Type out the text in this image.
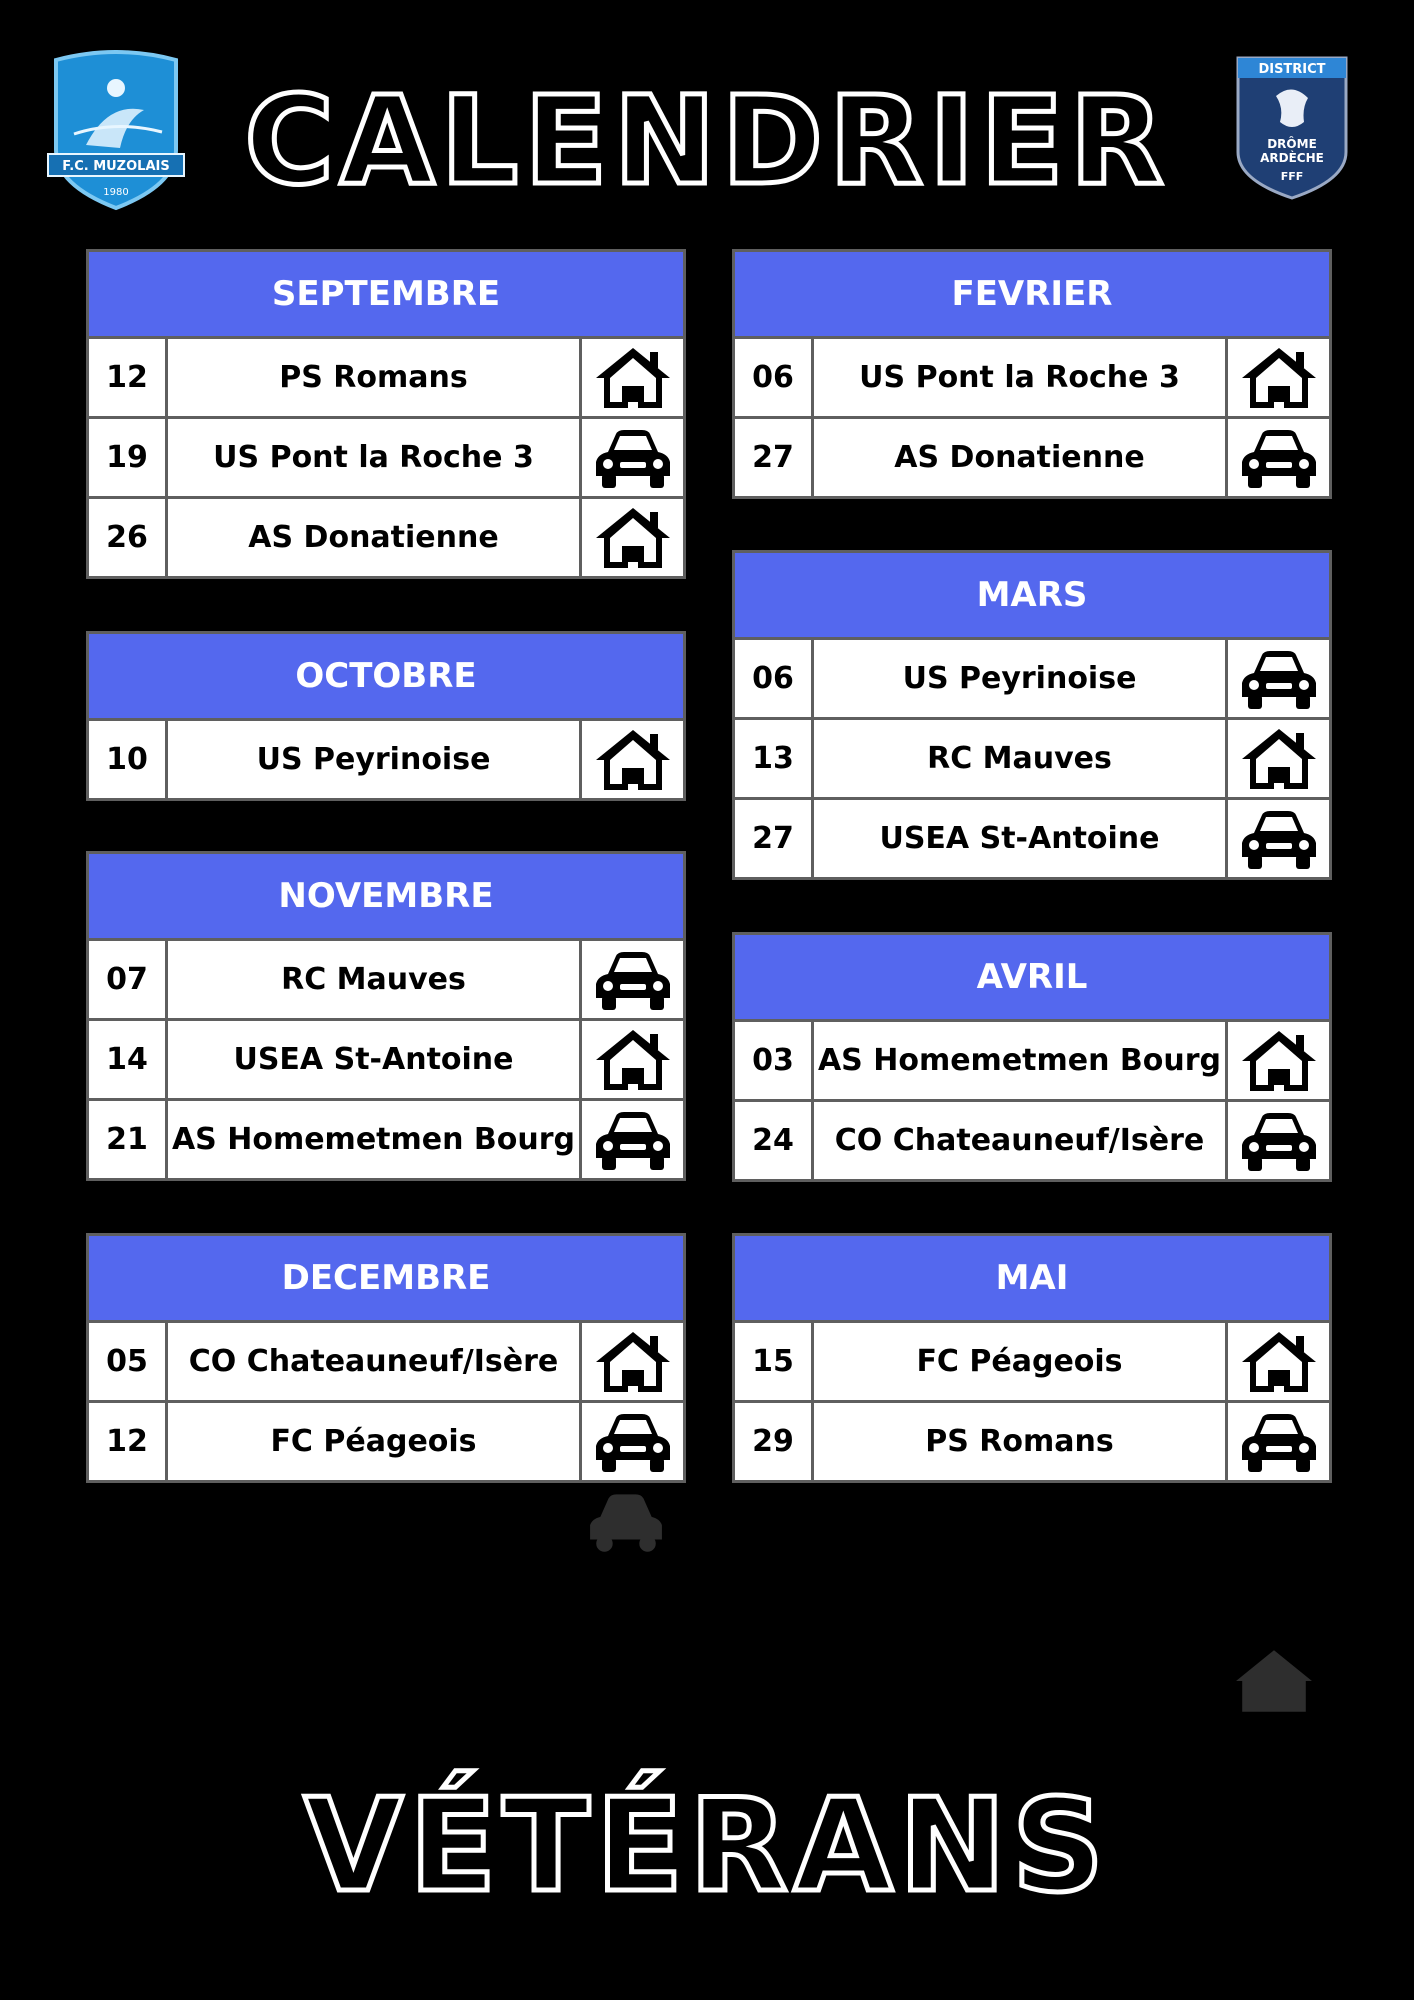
CALENDRIER
F.C. MUZOLAIS
1980
DISTRICT
DRÔME
ARDÈCHE
FFF
SEPTEMBRE
12	PS Romans
19	US Pont la Roche 3
26	AS Donatienne
OCTOBRE
10	US Peyrinoise
NOVEMBRE
07	RC Mauves
14	USEA St-Antoine
21 AS Homemetmen Bourg
DECEMBRE
05	CO Chateauneuf/Isère
12	FC Péageois
FEVRIER
06	US Pont la Roche 3
27	AS Donatienne
MARS
06	US Peyrinoise
13	RC Mauves
27	USEA St-Antoine
AVRIL
03 AS Homemetmen Bourg
24	CO Chateauneuf/Isère
MAI
15	FC Péageois
29	PS Romans
VÉTÉRANS
